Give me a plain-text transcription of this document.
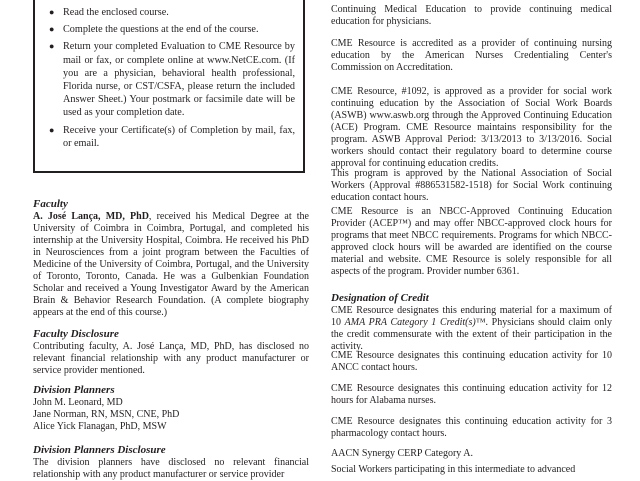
● Read the enclosed course.
● Complete the questions at the end of the course.
● Return your completed Evaluation to CME Resource by mail or fax, or complete online at www.NetCE.com. (If you are a physician, behavioral health professional, Florida nurse, or CST/CSFA, please return the included Answer Sheet.) Your postmark or facsimile date will be used as your completion date.
● Receive your Certificate(s) of Completion by mail, fax, or email.

Faculty

A. José Lança, MD, PhD, received his Medical Degree at the University of Coimbra in Coimbra, Portugal, and completed his internship at the University Hospital, Coimbra. He received his PhD in Neurosciences from a joint program between the Faculties of Medicine of the University of Coimbra, Portugal, and the University of Toronto, Toronto, Canada. He was a Gulbenkian Foundation Scholar and received a Young Investigator Award by the American Brain & Behavior Research Foundation. (A complete biography appears at the end of this course.)

Faculty Disclosure

Contributing faculty, A. José Lança, MD, PhD, has disclosed no relevant financial relationship with any product manufacturer or service provider mentioned.

Division Planners

John M. Leonard, MD

Jane Norman, RN, MSN, CNE, PhD

Alice Yick Flanagan, PhD, MSW

Division Planners Disclosure

The division planners have disclosed no relevant financial relationship with any product manufacturer or service provider

Continuing Medical Education to provide continuing medical education for physicians.

CME Resource is accredited as a provider of continuing nursing education by the American Nurses Credentialing Center's Commission on Accreditation.

CME Resource, #1092, is approved as a provider for social work continuing education by the Association of Social Work Boards (ASWB) www.aswb.org through the Approved Continuing Education (ACE) Program. CME Resource maintains responsibility for the program. ASWB Approval Period: 3/13/2013 to 3/13/2016. Social workers should contact their regulatory board to determine course approval for continuing education credits.

This program is approved by the National Association of Social Workers (Approval #886531582-1518) for Social Work continuing education contact hours.

CME Resource is an NBCC-Approved Continuing Education Provider (ACEP™) and may offer NBCC-approved clock hours for programs that meet NBCC requirements. Programs for which NBCC-approved clock hours will be awarded are identified on the course material and website. CME Resource is solely responsible for all aspects of the program. Provider number 6361.

Designation of Credit

CME Resource designates this enduring material for a maximum of 10 AMA PRA Category 1 Credit(s)™. Physicians should claim only the credit commensurate with the extent of their participation in the activity.

CME Resource designates this continuing education activity for 10 ANCC contact hours.

CME Resource designates this continuing education activity for 12 hours for Alabama nurses.

CME Resource designates this continuing education activity for 3 pharmacology contact hours.

AACN Synergy CERP Category A.

Social Workers participating in this intermediate to advanced
